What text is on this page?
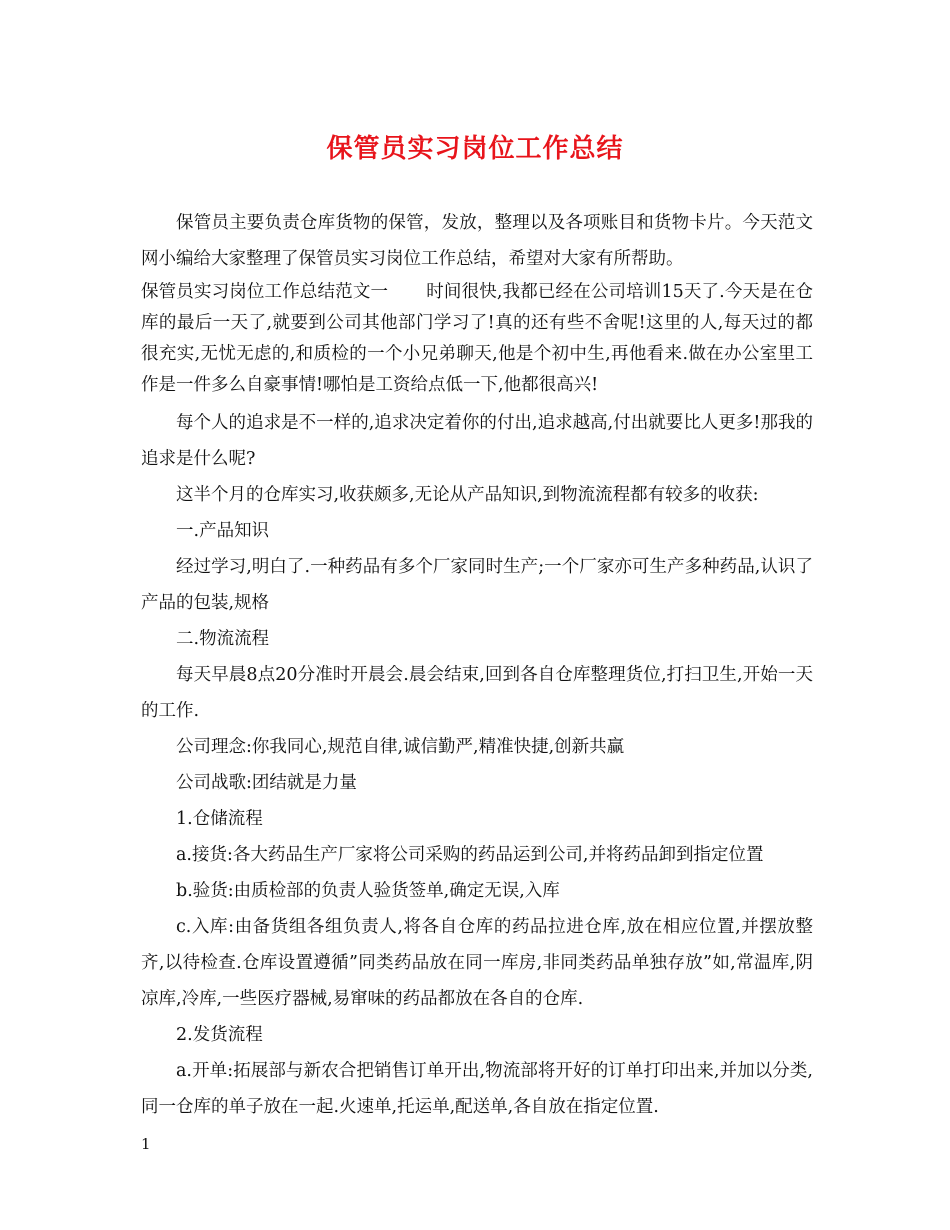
保管员实习岗位工作总结

保管员主要负责仓库货物的保管，发放，整理以及各项账目和货物卡片。今天范文网小编给大家整理了保管员实习岗位工作总结，希望对大家有所帮助。

保管员实习岗位工作总结范文一 时间很快,我都已经在公司培训15天了.今天是在仓库的最后一天了,就要到公司其他部门学习了!真的还有些不舍呢!这里的人,每天过的都很充实,无忧无虑的,和质检的一个小兄弟聊天,他是个初中生,再他看来.做在办公室里工作是一件多么自豪事情!哪怕是工资给点低一下,他都很高兴!

每个人的追求是不一样的,追求决定着你的付出,追求越高,付出就要比人更多!那我的追求是什么呢?

这半个月的仓库实习,收获颇多,无论从产品知识,到物流流程都有较多的收获:

一.产品知识

经过学习,明白了.一种药品有多个厂家同时生产;一个厂家亦可生产多种药品,认识了产品的包装,规格

二.物流流程

每天早晨8点20分准时开晨会.晨会结束,回到各自仓库整理货位,打扫卫生,开始一天的工作.

公司理念:你我同心,规范自律,诚信勤严,精准快捷,创新共赢

公司战歌:团结就是力量

1.仓储流程

a.接货:各大药品生产厂家将公司采购的药品运到公司,并将药品卸到指定位置

b.验货:由质检部的负责人验货签单,确定无误,入库

c.入库:由备货组各组负责人,将各自仓库的药品拉进仓库,放在相应位置,并摆放整齐,以待检查.仓库设置遵循”同类药品放在同一库房,非同类药品单独存放”如,常温库,阴凉库,冷库,一些医疗器械,易窜味的药品都放在各自的仓库.

2.发货流程

a.开单:拓展部与新农合把销售订单开出,物流部将开好的订单打印出来,并加以分类,同一仓库的单子放在一起.火速单,托运单,配送单,各自放在指定位置.

1
